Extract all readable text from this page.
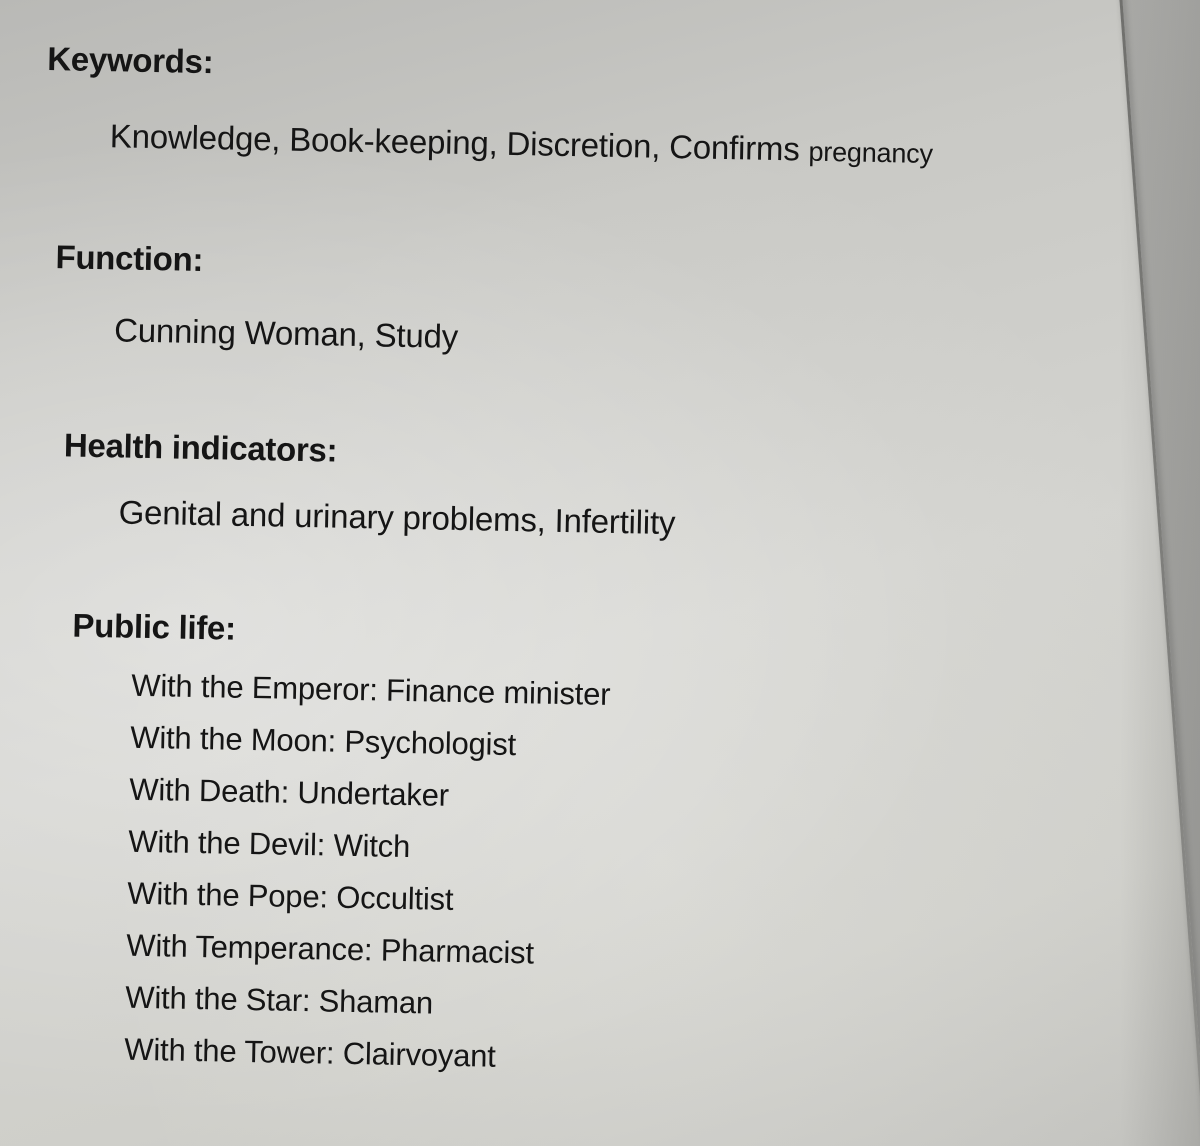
Keywords:
Knowledge, Book-keeping, Discretion, Confirms pregnancy
Function:
Cunning Woman, Study
Health indicators:
Genital and urinary problems, Infertility
Public life:
With the Emperor: Finance minister
With the Moon: Psychologist
With Death: Undertaker
With the Devil: Witch
With the Pope: Occultist
With Temperance: Pharmacist
With the Star: Shaman
With the Tower: Clairvoyant
